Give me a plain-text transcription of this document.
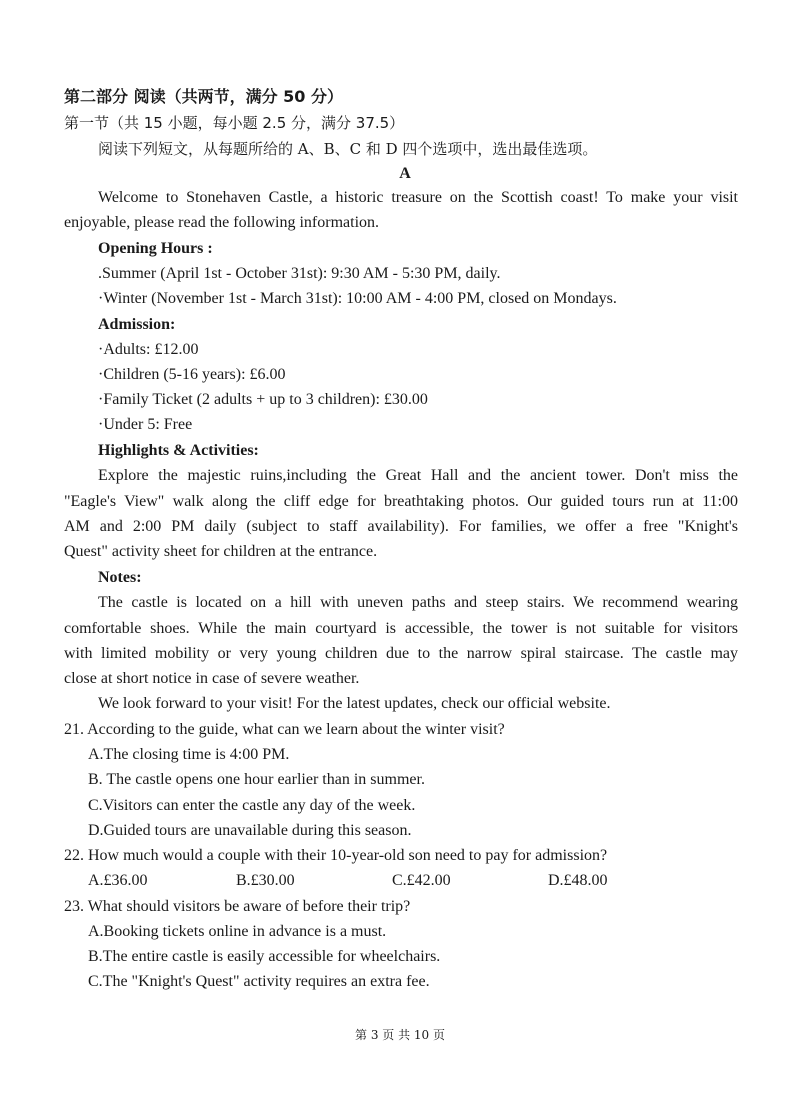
第二部分 阅读（共两节，满分 50 分）
第一节（共 15 小题，每小题 2.5 分，满分 37.5）
阅读下列短文，从每题所给的 A、B、C 和 D 四个选项中，选出最佳选项。
A
Welcome to Stonehaven Castle, a historic treasure on the Scottish coast! To make your visit
enjoyable, please read the following information.
Opening Hours :
.Summer (April 1st - October 31st): 9:30 AM - 5:30 PM, daily.
·Winter (November 1st - March 31st): 10:00 AM - 4:00 PM, closed on Mondays.
Admission:
·Adults: £12.00
·Children (5-16 years): £6.00
·Family Ticket (2 adults + up to 3 children): £30.00
·Under 5: Free
Highlights & Activities:
Explore the majestic ruins,including the Great Hall and the ancient tower. Don't miss the
"Eagle's View" walk along the cliff edge for breathtaking photos. Our guided tours run at 11:00
AM and 2:00 PM daily (subject to staff availability). For families, we offer a free "Knight's
Quest" activity sheet for children at the entrance.
Notes:
The castle is located on a hill with uneven paths and steep stairs. We recommend wearing
comfortable shoes. While the main courtyard is accessible, the tower is not suitable for visitors
with limited mobility or very young children due to the narrow spiral staircase. The castle may
close at short notice in case of severe weather.
We look forward to your visit! For the latest updates, check our official website.
21. According to the guide, what can we learn about the winter visit?
A.The closing time is 4:00 PM.
B. The castle opens one hour earlier than in summer.
C.Visitors can enter the castle any day of the week.
D.Guided tours are unavailable during this season.
22. How much would a couple with their 10-year-old son need to pay for admission?
A.£36.00	B.£30.00	C.£42.00	D.£48.00
23. What should visitors be aware of before their trip?
A.Booking tickets online in advance is a must.
B.The entire castle is easily accessible for wheelchairs.
C.The "Knight's Quest" activity requires an extra fee.
第 3 页 共 10 页
